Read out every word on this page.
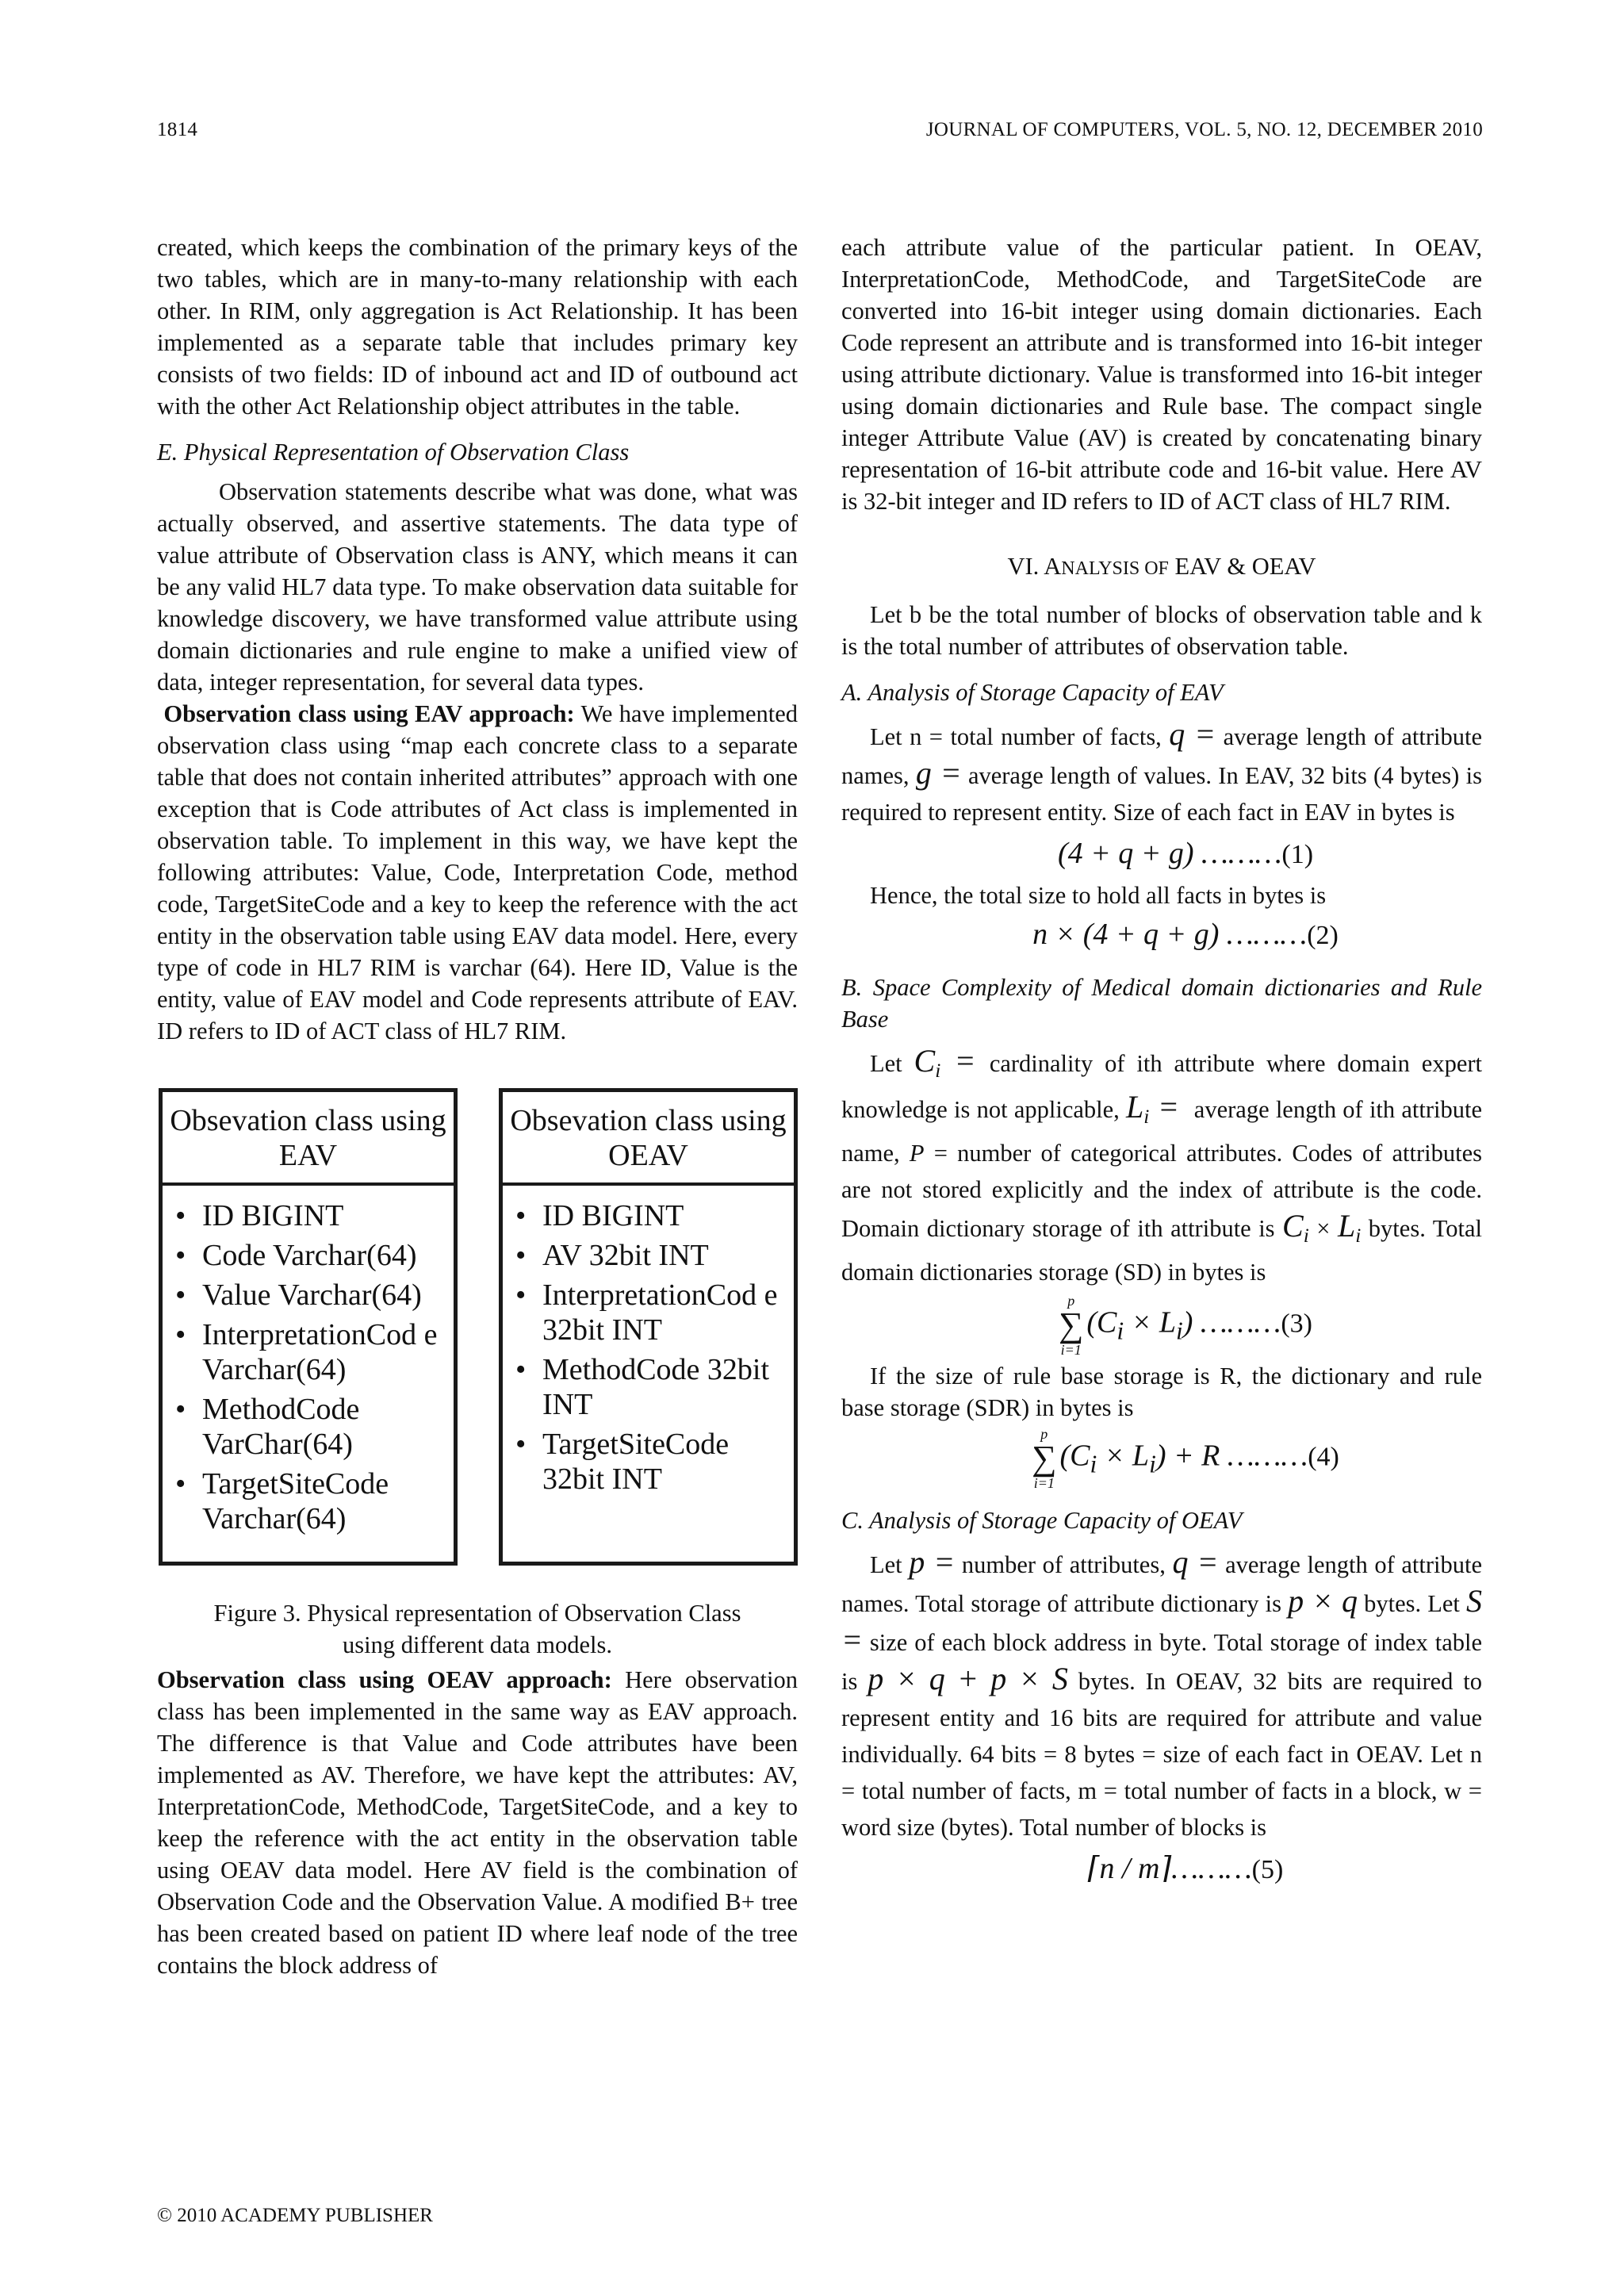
1814	JOURNAL OF COMPUTERS, VOL. 5, NO. 12, DECEMBER 2010

created, which keeps the combination of the primary keys of the two tables, which are in many-to-many relationship with each other. In RIM, only aggregation is Act Relationship. It has been implemented as a separate table that includes primary key consists of two fields: ID of inbound act and ID of outbound act with the other Act Relationship object attributes in the table.

E. Physical Representation of Observation Class

Observation statements describe what was done, what was actually observed, and assertive statements. The data type of value attribute of Observation class is ANY, which means it can be any valid HL7 data type. To make observation data suitable for knowledge discovery, we have transformed value attribute using domain dictionaries and rule engine to make a unified view of data, integer representation, for several data types.

Observation class using EAV approach: We have implemented observation class using “map each concrete class to a separate table that does not contain inherited attributes” approach with one exception that is Code attributes of Act class is implemented in observation table. To implement in this way, we have kept the following attributes: Value, Code, Interpretation Code, method code, TargetSiteCode and a key to keep the reference with the act entity in the observation table using EAV data model. Here, every type of code in HL7 RIM is varchar (64). Here ID, Value is the entity, value of EAV model and Code represents attribute of EAV. ID refers to ID of ACT class of HL7 RIM.

Obsevation class using EAV
• ID BIGINT
• Code Varchar(64)
• Value Varchar(64)
• InterpretationCod e Varchar(64)
• MethodCode VarChar(64)
• TargetSiteCode Varchar(64)
Obsevation class using OEAV
• ID BIGINT
• AV 32bit INT
• InterpretationCod e 32bit INT
• MethodCode 32bit INT
• TargetSiteCode 32bit INT

Figure 3. Physical representation of Observation Class

using different data models.

Observation class using OEAV approach: Here observation class has been implemented in the same way as EAV approach. The difference is that Value and Code attributes have been implemented as AV. Therefore, we have kept the attributes: AV, InterpretationCode, MethodCode, TargetSiteCode, and a key to keep the reference with the act entity in the observation table using OEAV data model. Here AV field is the combination of Observation Code and the Observation Value. A modified B+ tree has been created based on patient ID where leaf node of the tree contains the block address of

each attribute value of the particular patient. In OEAV, InterpretationCode, MethodCode, and TargetSiteCode are converted into 16-bit integer using domain dictionaries. Each Code represent an attribute and is transformed into 16-bit integer using attribute dictionary. Value is transformed into 16-bit integer using domain dictionaries and Rule base. The compact single integer Attribute Value (AV) is created by concatenating binary representation of 16-bit attribute code and 16-bit value. Here AV is 32-bit integer and ID refers to ID of ACT class of HL7 RIM.

VI. ANALYSIS OF EAV & OEAV

Let b be the total number of blocks of observation table and k is the total number of attributes of observation table.

A. Analysis of Storage Capacity of EAV

Let n = total number of facts, q = average length of attribute names, g = average length of values. In EAV, 32 bits (4 bytes) is required to represent entity. Size of each fact in EAV in bytes is

(4 + q + g) ………(1)

Hence, the total size to hold all facts in bytes is

n × (4 + q + g) ………(2)

B. Space Complexity of Medical domain dictionaries and Rule Base

Let $C_i$ = cardinality of ith attribute where domain expert knowledge is not applicable, $L_i$ =  average length of ith attribute name, P = number of categorical attributes. Codes of attributes are not stored explicitly and the index of attribute is the code. Domain dictionary storage of ith attribute is $C_i \times L_i$ bytes. Total domain dictionaries storage (SD) in bytes is

p
∑
i=1
$(C_i \times L_i)$ ………(3)

If the size of rule base storage is R, the dictionary and rule base storage (SDR) in bytes is

p
∑
i=1
$(C_i \times L_i) + R$ ………(4)

C. Analysis of Storage Capacity of OEAV

Let p = number of attributes, q = average length of attribute names. Total storage of attribute dictionary is p × q bytes. Let S = size of each block address in byte. Total storage of index table is p × q + p × S bytes. In OEAV, 32 bits are required to represent entity and 16 bits are required for attribute and value individually. 64 bits = 8 bytes = size of each fact in OEAV. Let n = total number of facts, m = total number of facts in a block, w = word size (bytes). Total number of blocks is

⌈n / m⌉………(5)

© 2010 ACADEMY PUBLISHER
